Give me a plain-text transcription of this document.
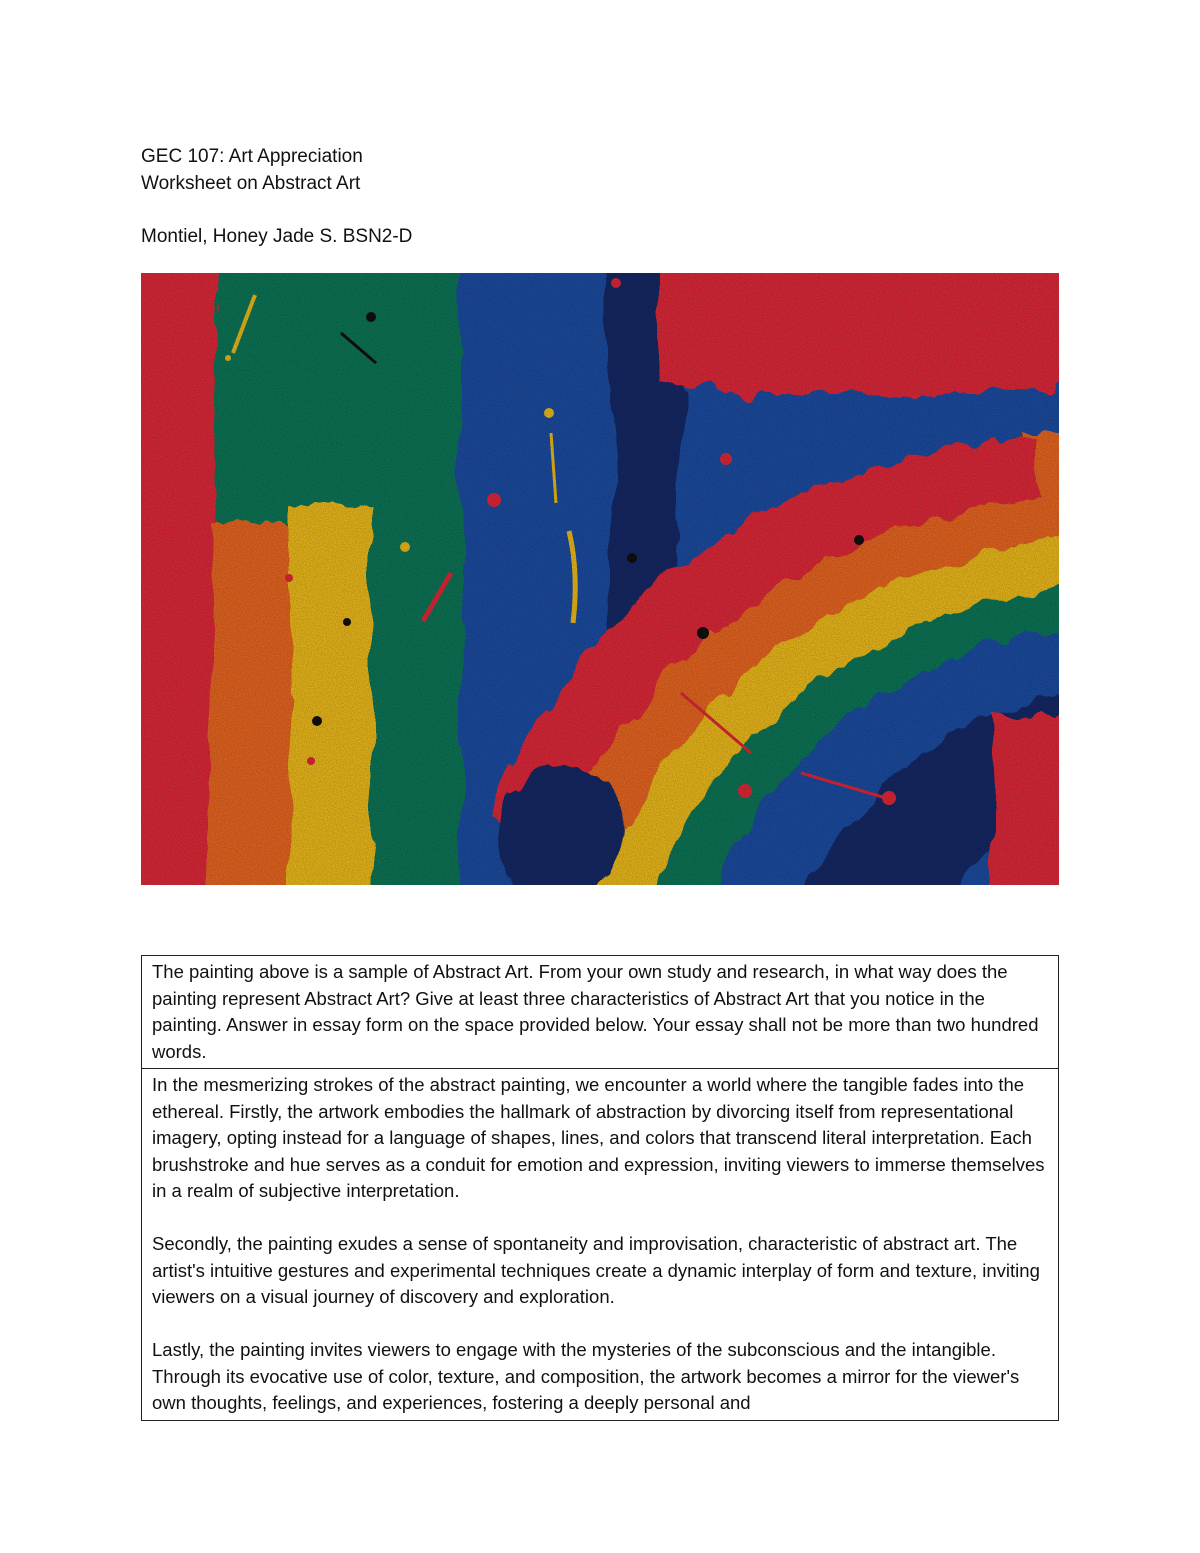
GEC 107: Art Appreciation
Worksheet on Abstract Art
Montiel, Honey Jade S. BSN2-D
The painting above is a sample of Abstract Art. From your own study and research, in what way does the painting represent Abstract Art? Give at least three characteristics of Abstract Art that you notice in the painting. Answer in essay form on the space provided below. Your essay shall not be more than two hundred words.

In the mesmerizing strokes of the abstract painting, we encounter a world where the tangible fades into the ethereal. Firstly, the artwork embodies the hallmark of abstraction by divorcing itself from representational imagery, opting instead for a language of shapes, lines, and colors that transcend literal interpretation. Each brushstroke and hue serves as a conduit for emotion and expression, inviting viewers to immerse themselves in a realm of subjective interpretation.

Secondly, the painting exudes a sense of spontaneity and improvisation, characteristic of abstract art. The artist's intuitive gestures and experimental techniques create a dynamic interplay of form and texture, inviting viewers on a visual journey of discovery and exploration.

Lastly, the painting invites viewers to engage with the mysteries of the subconscious and the intangible. Through its evocative use of color, texture, and composition, the artwork becomes a mirror for the viewer's own thoughts, feelings, and experiences, fostering a deeply personal and
